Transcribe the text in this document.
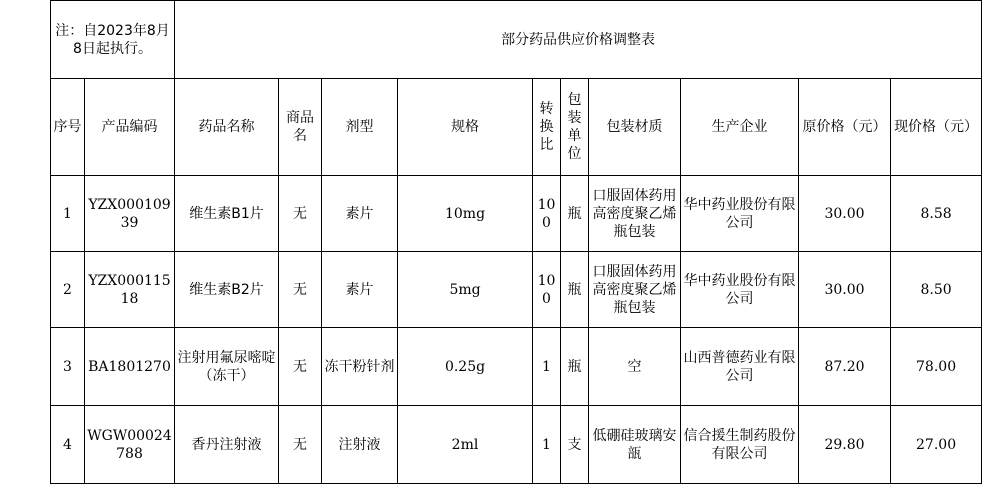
注：自2023年8月8日起执行。		部分药品供应价格调整表									
序号	产品编码	药品名称	商品名	剂型	规格	转换比	包装单位	包装材质	生产企业	原价格（元）	现价格（元）
1	YZX00010939	维生素B1片	无	素片	10mg	100	瓶	口服固体药用高密度聚乙烯瓶包装	华中药业股份有限公司	30.00	8.58
2	YZX00011518	维生素B2片	无	素片	5mg	100	瓶	口服固体药用高密度聚乙烯瓶包装	华中药业股份有限公司	30.00	8.50
3	BA1801270	注射用氟尿嘧啶（冻干）	无	冻干粉针剂	0.25g	1	瓶	空	山西普德药业有限公司	87.20	78.00
4	WGW00024788	香丹注射液	无	注射液	2ml	1	支	低硼硅玻璃安瓿	信合援生制药股份有限公司	29.80	27.00
